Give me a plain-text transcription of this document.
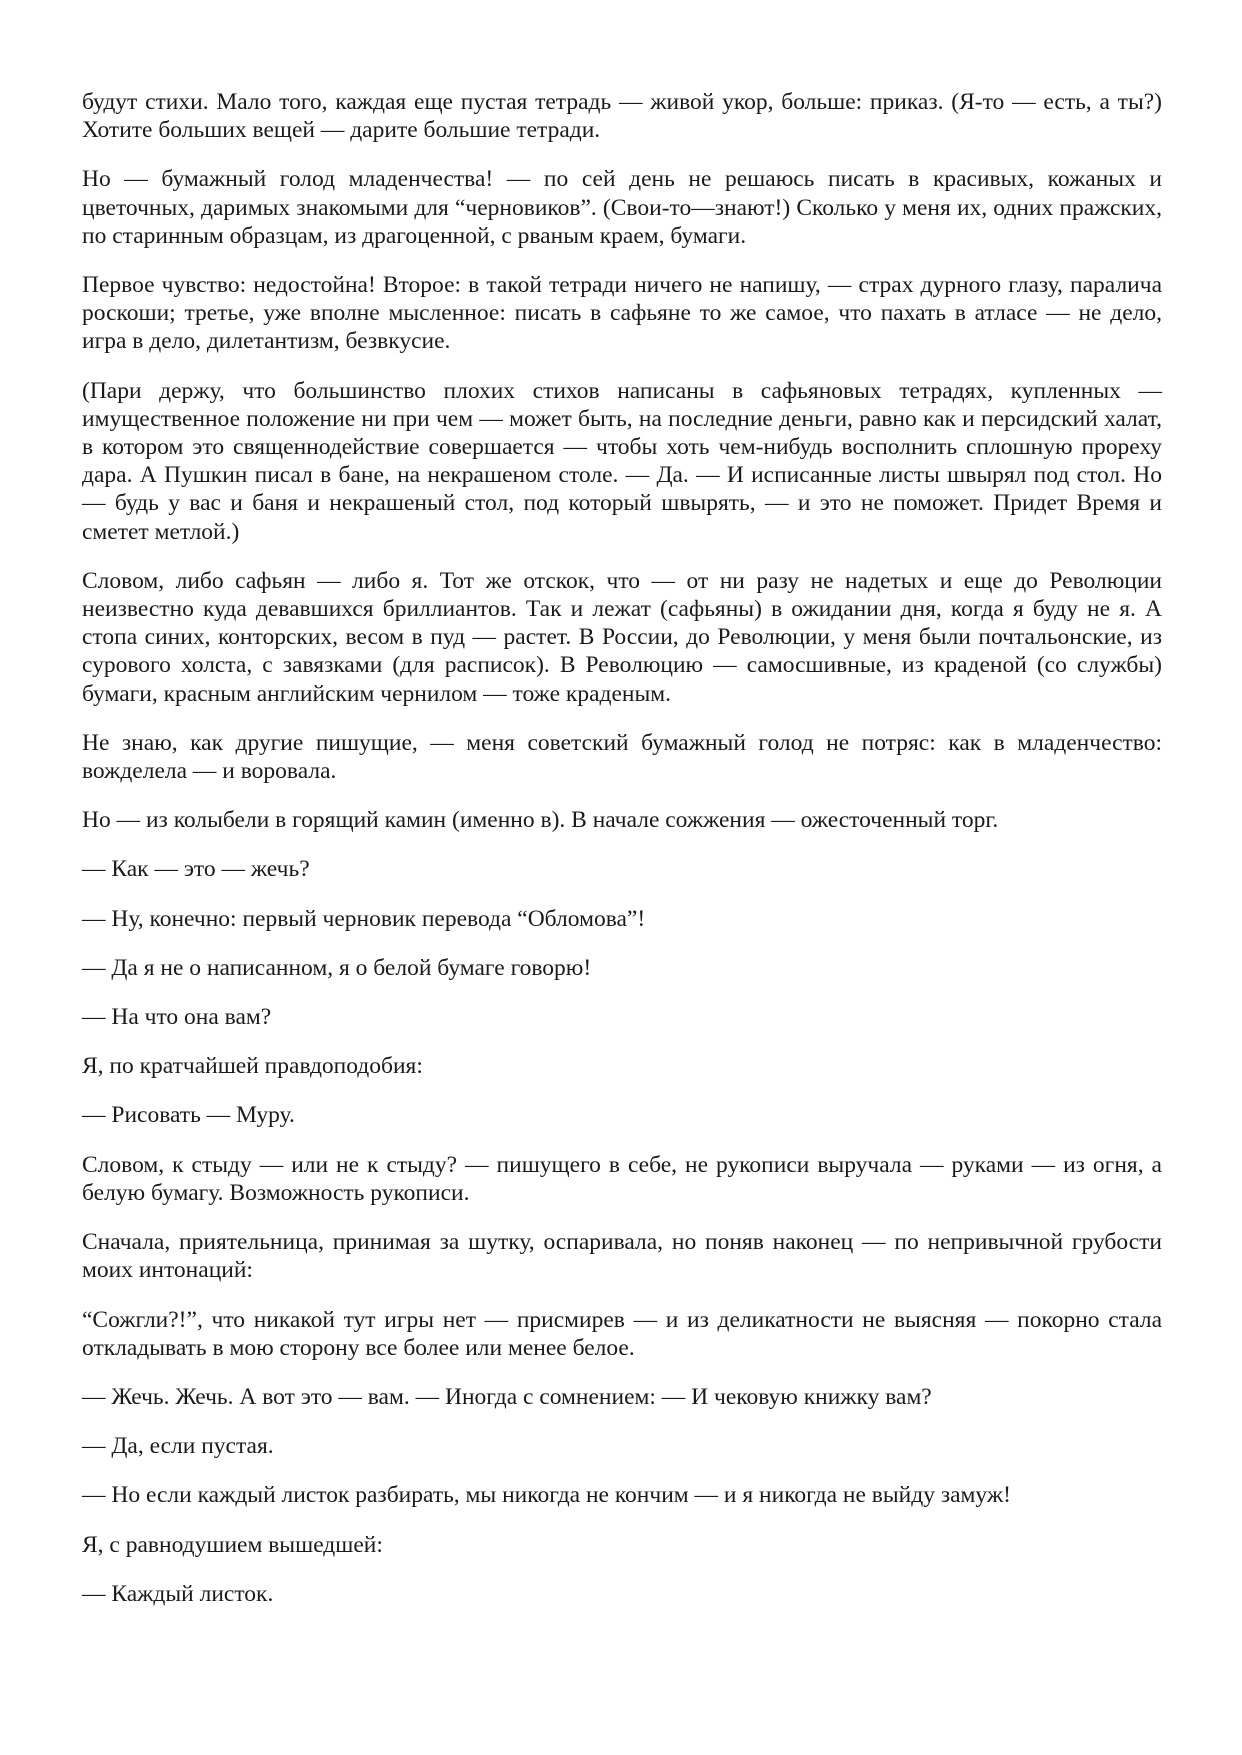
будут стихи. Мало того, каждая еще пустая тетрадь — живой укор, больше: приказ. (Я-то — есть, а ты?) Хотите больших вещей — дарите большие тетради.

Но — бумажный голод младенчества! — по сей день не решаюсь писать в красивых, кожаных и цветочных, даримых знакомыми для “черновиков”. (Свои-то—знают!) Сколько у меня их, одних пражских, по старинным образцам, из драгоценной, с рваным краем, бумаги.

Первое чувство: недостойна! Второе: в такой тетради ничего не напишу, — страх дурного глазу, паралича роскоши; третье, уже вполне мысленное: писать в сафьяне то же самое, что пахать в атласе — не дело, игра в дело, дилетантизм, безвкусие.

(Пари держу, что большинство плохих стихов написаны в сафьяновых тетрадях, купленных — имущественное положение ни при чем — может быть, на последние деньги, равно как и персидский халат, в котором это священнодействие совершается — чтобы хоть чем-нибудь восполнить сплошную прореху дара. А Пушкин писал в бане, на некрашеном столе. — Да. — И исписанные листы швырял под стол. Но — будь у вас и баня и некрашеный стол, под который швырять, — и это не поможет. Придет Время и сметет метлой.)

Словом, либо сафьян — либо я. Тот же отскок, что — от ни разу не надетых и еще до Революции неизвестно куда девавшихся бриллиантов. Так и лежат (сафьяны) в ожидании дня, когда я буду не я. А стопа синих, конторских, весом в пуд — растет. В России, до Революции, у меня были почтальонские, из сурового холста, с завязками (для расписок). В Революцию — самосшивные, из краденой (со службы) бумаги, красным английским чернилом — тоже краденым.

Не знаю, как другие пишущие, — меня советский бумажный голод не потряс: как в младенчество: вожделела — и воровала.

Но — из колыбели в горящий камин (именно в). В начале сожжения — ожесточенный торг.

— Как — это — жечь?

— Ну, конечно: первый черновик перевода “Обломова”!

— Да я не о написанном, я о белой бумаге говорю!

— На что она вам?

Я, по кратчайшей правдоподобия:

— Рисовать — Муру.

Словом, к стыду — или не к стыду? — пишущего в себе, не рукописи выручала — руками — из огня, а белую бумагу. Возможность рукописи.

Сначала, приятельница, принимая за шутку, оспаривала, но поняв наконец — по непривычной грубости моих интонаций:

“Сожгли?!”, что никакой тут игры нет — присмирев — и из деликатности не выясняя — покорно стала откладывать в мою сторону все более или менее белое.

— Жечь. Жечь. А вот это — вам. — Иногда с сомнением: — И чековую книжку вам?

— Да, если пустая.

— Но если каждый листок разбирать, мы никогда не кончим — и я никогда не выйду замуж!

Я, с равнодушием вышедшей:

— Каждый листок.
